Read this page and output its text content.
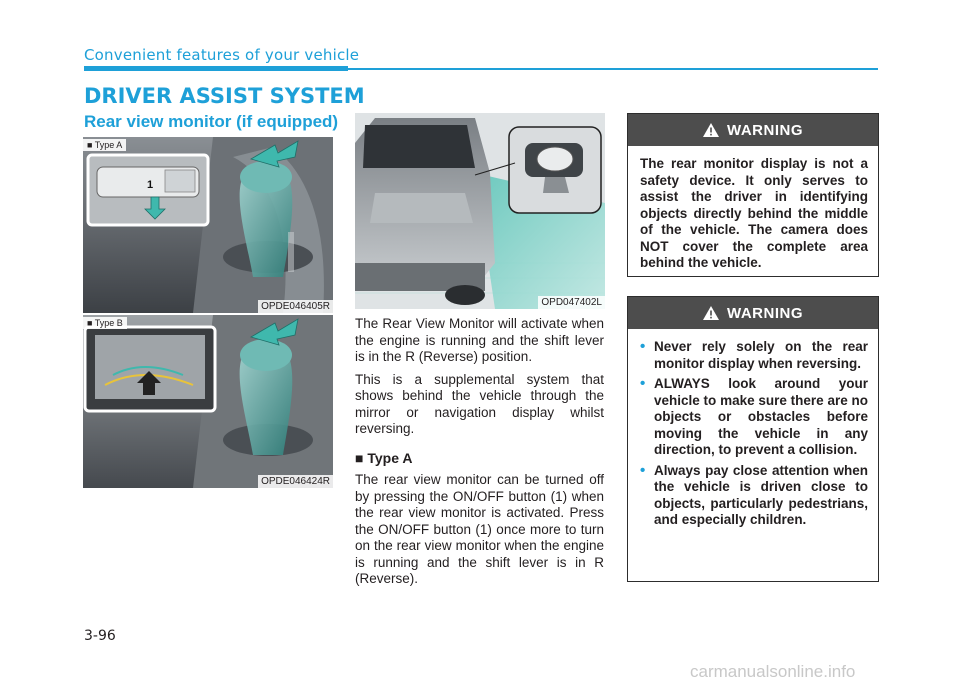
Convenient features of your vehicle
DRIVER ASSIST SYSTEM
Rear view monitor (if equipped)
■ Type A
OPDE046405R
1
■ Type B
OPDE046424R
OPD047402L

The Rear View Monitor will activate when the engine is running and the shift lever is in the R (Reverse) position.

This is a supplemental system that shows behind the vehicle through the mirror or navigation display whilst reversing.

■ Type A

The rear view monitor can be turned off by pressing the ON/OFF button (1) when the rear view monitor is activated. Press the ON/OFF button (1) once more to turn on the rear view monitor when the engine is running and the shift lever is in R (Reverse).

WARNING
The rear monitor display is not a safety device. It only serves to assist the driver in identifying objects directly behind the middle of the vehicle. The camera does NOT cover the complete area behind the vehicle.
WARNING
• Never rely solely on the rear monitor display when reversing.
• ALWAYS look around your vehicle to make sure there are no objects or obstacles before moving the vehicle in any direction, to prevent a collision.
• Always pay close attention when the vehicle is driven close to objects, particularly pedestrians, and especially children.
3-96
carmanualsonline.info
